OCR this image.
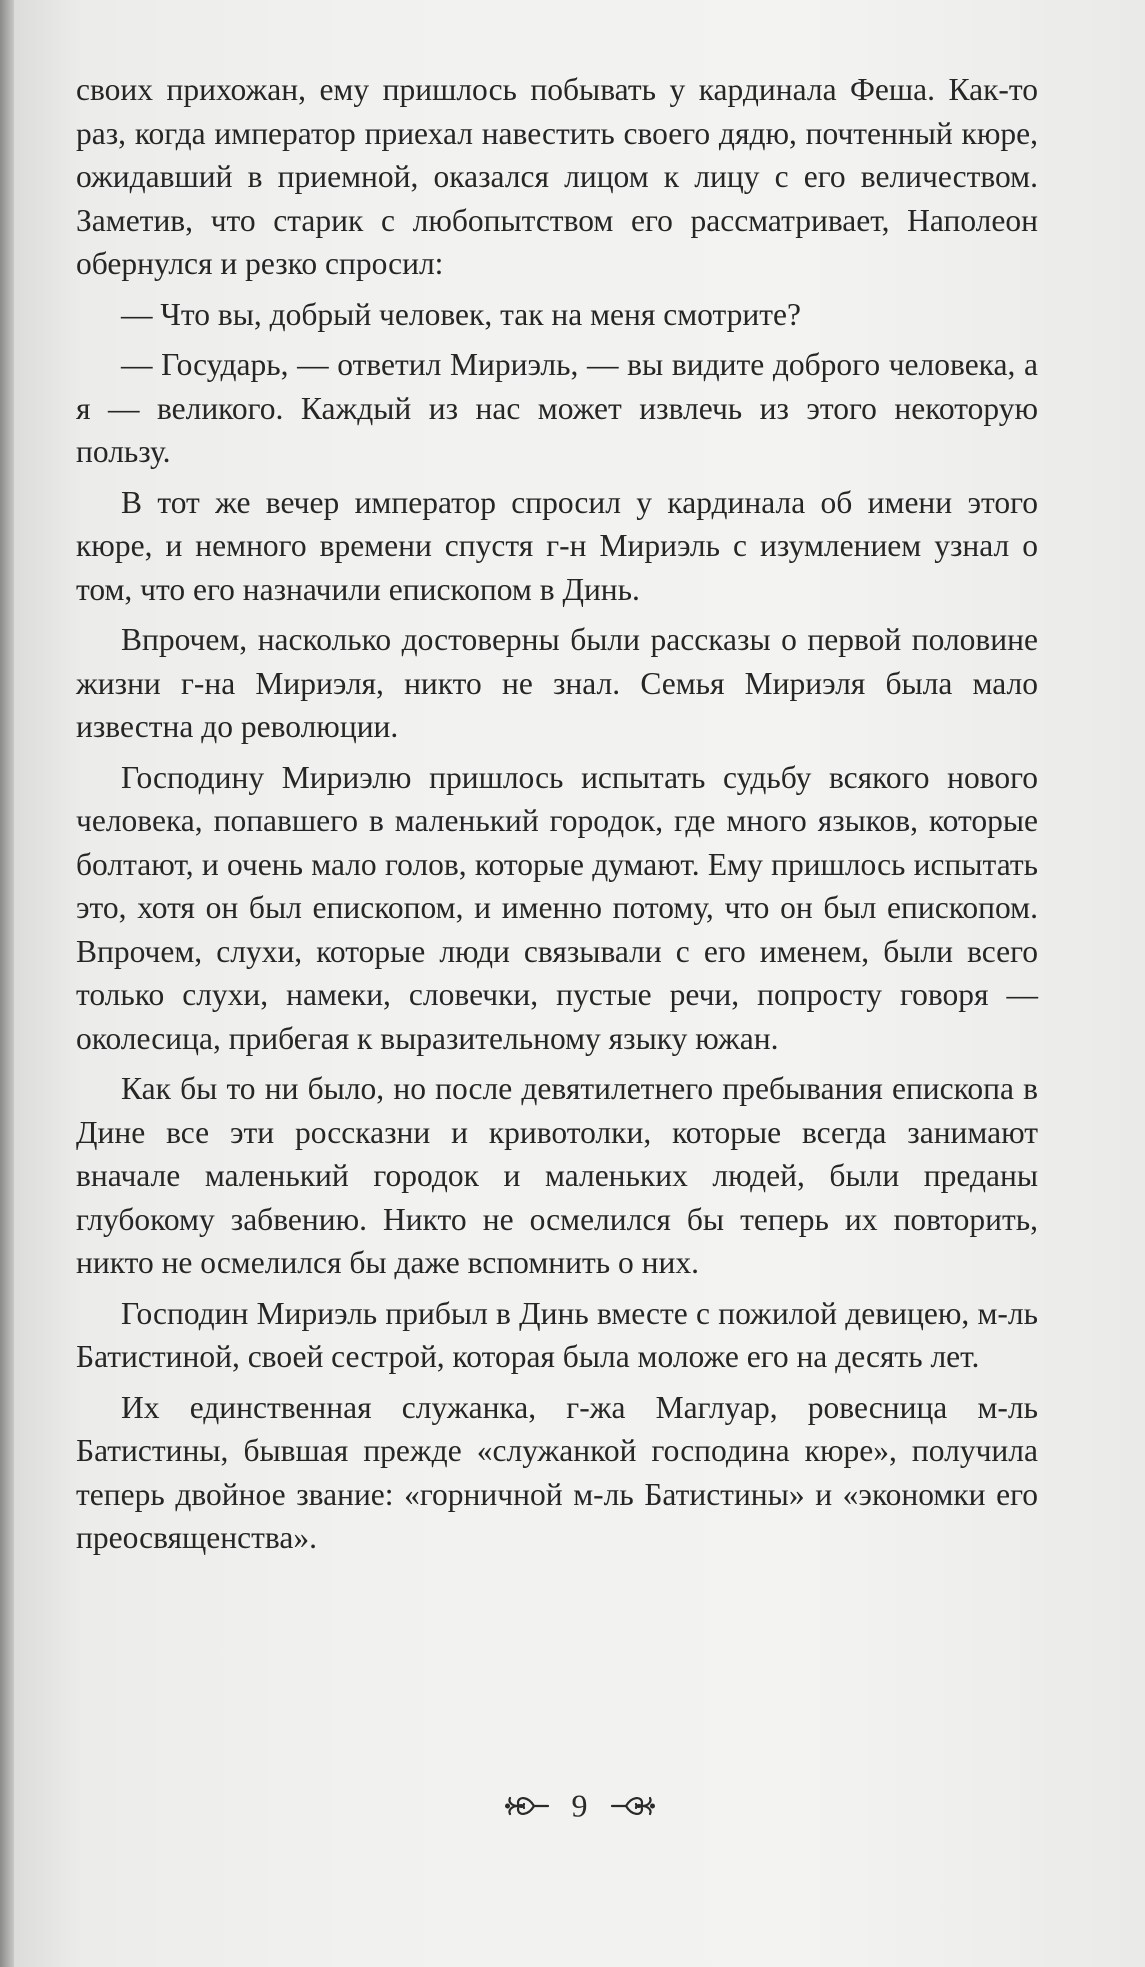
своих прихожан, ему пришлось побывать у кардинала Феша. Как-то раз, когда император приехал навестить своего дядю, почтенный кюре, ожидавший в приемной, оказался лицом к лицу с его величеством. Заметив, что старик с любопытством его рассматривает, Наполеон обернулся и резко спросил:

— Что вы, добрый человек, так на меня смотрите?

— Государь, — ответил Мириэль, — вы видите доброго человека, а я — великого. Каждый из нас может извлечь из этого некоторую пользу.

В тот же вечер император спросил у кардинала об имени этого кюре, и немного времени спустя г-н Мириэль с изумлением узнал о том, что его назначили епископом в Динь.

Впрочем, насколько достоверны были рассказы о первой половине жизни г-на Мириэля, никто не знал. Семья Мириэля была мало известна до революции.

Господину Мириэлю пришлось испытать судьбу всякого нового человека, попавшего в маленький городок, где много языков, которые болтают, и очень мало голов, которые думают. Ему пришлось испытать это, хотя он был епископом, и именно потому, что он был епископом. Впрочем, слухи, которые люди связывали с его именем, были всего только слухи, намеки, словечки, пустые речи, попросту говоря — околесица, прибегая к выразительному языку южан.

Как бы то ни было, но после девятилетнего пребывания епископа в Дине все эти россказни и кривотолки, которые всегда занимают вначале маленький городок и маленьких людей, были преданы глубокому забвению. Никто не осмелился бы теперь их повторить, никто не осмелился бы даже вспомнить о них.

Господин Мириэль прибыл в Динь вместе с пожилой девицею, м-ль Батистиной, своей сестрой, которая была моложе его на десять лет.

Их единственная служанка, г-жа Маглуар, ровесница м-ль Батистины, бывшая прежде «служанкой господина кюре», получила теперь двойное звание: «горничной м-ль Батистины» и «экономки его преосвященства».

9
